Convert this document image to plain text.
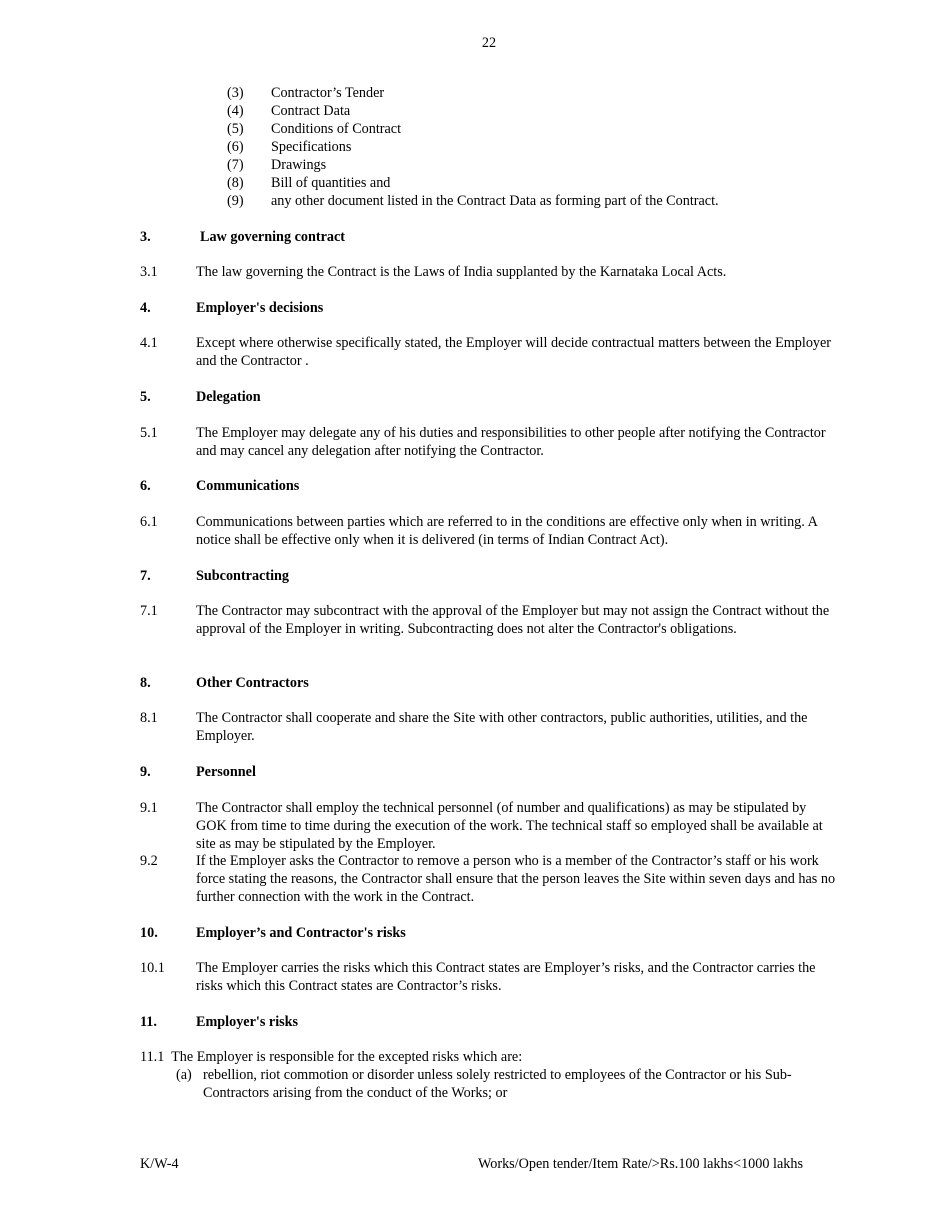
22
(3) Contractor’s Tender
(4) Contract Data
(5) Conditions of Contract
(6) Specifications
(7) Drawings
(8) Bill of quantities and
(9) any other document listed in the Contract Data as forming part of the Contract.
3.	Law governing contract
3.1	The law governing the Contract is the Laws of India supplanted by the Karnataka Local Acts.
4.	Employer's decisions
4.1	Except where otherwise specifically stated, the Employer will decide contractual matters between the Employer and the Contractor .
5.	Delegation
5.1	The Employer may delegate any of his duties and responsibilities to other people after notifying the Contractor and may cancel any delegation after notifying the Contractor.
6.	Communications
6.1	Communications between parties which are referred to in the conditions are effective only when in writing. A notice shall be effective only when it is delivered (in terms of Indian Contract Act).
7.	Subcontracting
7.1	The Contractor may subcontract with the approval of the Employer but may not assign the Contract without the approval of the Employer in writing. Subcontracting does not alter the Contractor's obligations.
8.	Other Contractors
8.1	The Contractor shall cooperate and share the Site with other contractors, public authorities, utilities, and the Employer.
9.	Personnel
9.1	The Contractor shall employ the technical personnel (of number and qualifications) as may be stipulated by GOK from time to time during the execution of the work. The technical staff so employed shall be available at site as may be stipulated by the Employer.
9.2	If the Employer asks the Contractor to remove a person who is a member of the Contractor’s staff or his work force stating the reasons, the Contractor shall ensure that the person leaves the Site within seven days and has no further connection with the work in the Contract.
10.	Employer’s and Contractor's risks
10.1 The Employer carries the risks which this Contract states are Employer’s risks, and the Contractor carries the risks which this Contract states are Contractor’s risks.
11.	Employer's risks
11.1  The Employer is responsible for the excepted risks which are:
(a) rebellion, riot commotion or disorder unless solely restricted to employees of the Contractor or his Sub-Contractors arising from the conduct of the Works; or
K/W-4	Works/Open tender/Item Rate/>Rs.100 lakhs<1000 lakhs
